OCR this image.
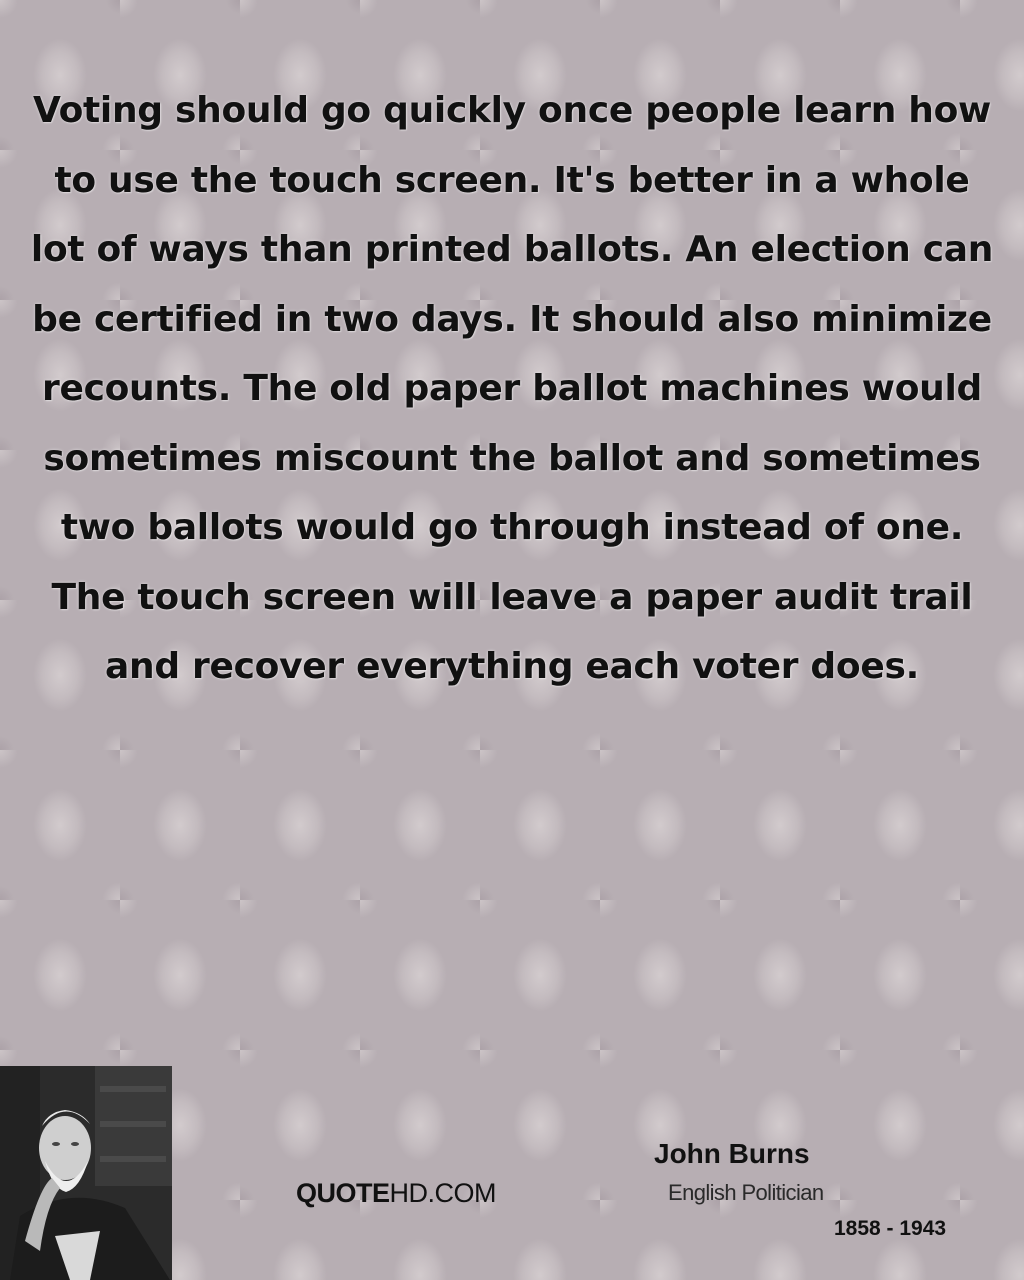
Voting should go quickly once people learn how to use the touch screen. It's better in a whole lot of ways than printed ballots. An election can be certified in two days. It should also minimize recounts. The old paper ballot machines would sometimes miscount the ballot and sometimes two ballots would go through instead of one. The touch screen will leave a paper audit trail and recover everything each voter does.

QUOTEHD.COM
John Burns
English Politician
1858 - 1943
